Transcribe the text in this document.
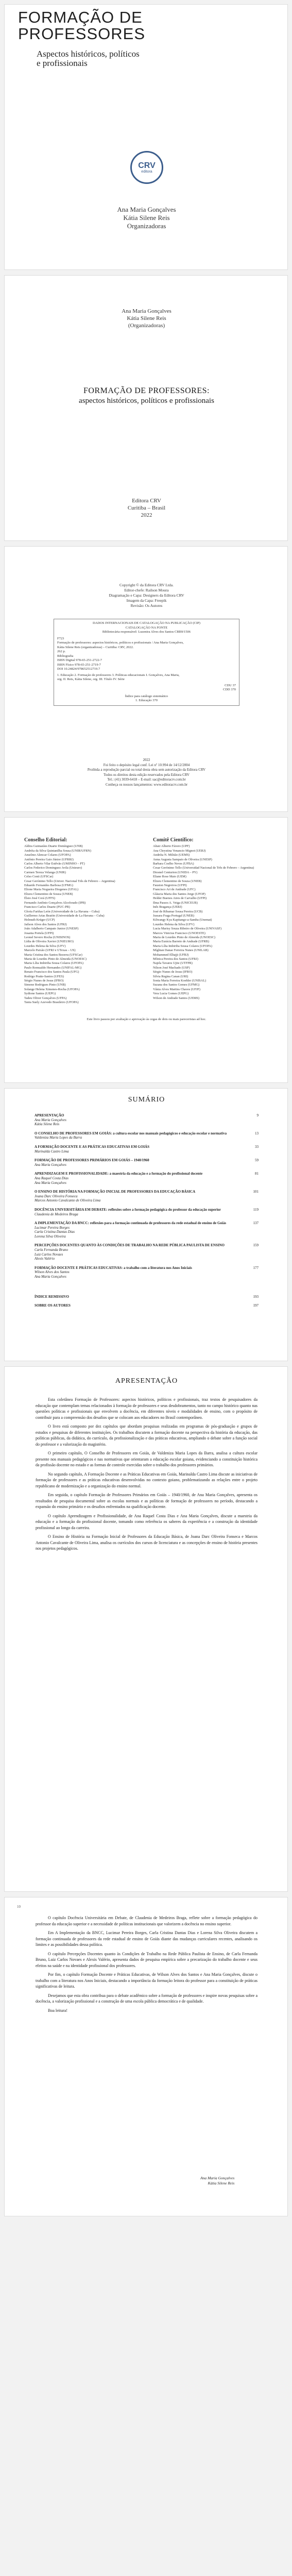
FORMAÇÃO DE
PROFESSORES
Aspectos históricos, políticos
e profissionais
Ana Maria Gonçalves
Kátia Silene Reis
Organizadoras
CRV
editora
Ana Maria Gonçalves
Kátia Silene Reis
(Organizadoras)
FORMAÇÃO DE PROFESSORES:
aspectos históricos, políticos e profissionais
Editora CRV
Curitiba – Brasil
2022
Copyright © da Editora CRV Ltda.
Editor-chefe: Railson Moura
Diagramação e Capa: Designers da Editora CRV
Imagem da Capa: Freepik
Revisão: Os Autores
DADOS INTERNACIONAIS DE CATALOGAÇÃO NA PUBLICAÇÃO (CIP)
CATALOGAÇÃO NA FONTE
Bibliotecária responsável: Luzenira Alves dos Santos CRB9/1506
F723
Formação de professores: aspectos históricos, políticos e profissionais / Ana Maria Gonçalves,
Kátia Silene Reis (organizadoras) – Curitiba: CRV, 2022.
262 p.
Bibliografia
ISBN Digital 978-65-251-2722-7
ISBN Físico 978-65-251-2719-7
DOI 10.24824/978652512719.7
1. Educação 2. Formação de professores 3. Políticas educacionais I. Gonçalves, Ana Maria,
org. II. Reis, Kátia Silene, org. III. Título IV. Série
CDU 37
CDD 370
Índice para catálogo sistemático
1. Educação 370
2022
Foi feito o depósito legal conf. Lei nº 10.994 de 14/12/2004
Proibida a reprodução parcial ou total desta obra sem autorização da Editora CRV
Todos os direitos desta edição reservados pela Editora CRV
Tel.: (41) 3039-6418 – E-mail: sac@editoracrv.com.br
Conheça os nossos lançamentos: www.editoracrv.com.br
Conselho Editorial:
Aldira Guimarães Duarte Domínguez (UNB)
Andréia da Silva Quintanilha Sousa (UNIR/UFRN)
Anselmo Alencar Colares (UFOPA)
Antônio Pereira Gaio Júnior (UFRRJ)
Carlos Alberto Vilar Estêvão (UMINHO – PT)
Carlos Federico Dominguez Avila (Unieuro)
Carmen Tereza Velanga (UNIR)
Celso Conti (UFSCar)
Cesar Gerónimo Tello (Univer. Nacional Três de Febrero – Argentina)
Eduardo Fernandes Barbosa (UFMG)
Elione Maria Nogueira Diogenes (UFAL)
Elizeu Clementino de Souza (UNEB)
Élsio José Corá (UFFS)
Fernando Antônio Gonçalves Alcoforado (IPB)
Francisco Carlos Duarte (PUC-PR)
Gloria Fariñas León (Universidade de La Havana – Cuba)
Guillermo Arias Beatón (Universidade de La Havana – Cuba)
Helmuth Krüger (UCP)
Jailson Alves dos Santos (UFRJ)
João Adalberto Campato Junior (UNESP)
Josania Portela (UFPI)
Leonel Severo Rocha (UNISINOS)
Lídia de Oliveira Xavier (UNIEURO)
Lourdes Helena da Silva (UFV)
Marcelo Paixão (UFRJ e UTexas – US)
Maria Cristina dos Santos Bezerra (UFSCar)
Maria de Lourdes Pinto de Almeida (UNOESC)
Maria Lília Imbiriba Sousa Colares (UFOPA)
Paulo Romualdo Hernandes (UNIFAL-MG)
Renato Francisco dos Santos Paula (UFG)
Rodrigo Pratte-Santos (UFES)
Sérgio Nunes de Jesus (IFRO)
Simone Rodrigues Pinto (UNB)
Solange Helena Ximenes-Rocha (UFOPA)
Sydione Santos (UEPG)
Tadeu Oliver Gonçalves (UFPA)
Tania Suely Azevedo Brasileiro (UFOPA)
Comitê Científico:
Altair Alberto Fávero (UPF)
Ana Chrystina Venancio Mignot (UERJ)
Andréia N. Militão (UEMS)
Anna Augusta Sampaio de Oliveira (UNESP)
Barbara Coelho Neves (UFBA)
Cesar Gerónimo Tello (Universidad Nacional de Três de Febrero – Argentina)
Diosnel Centurion (UNIDA – PY)
Eliane Rose Maio (UEM)
Elizeu Clementino de Souza (UNEB)
Fauston Negreiros (UFPI)
Francisco Ari de Andrade (UFC)
Gláucia Maria dos Santos Jorge (UFOP)
Helder Buenos Aires de Carvalho (UFPI)
Ilma Passos A. Veiga (UNICEUB)
Inês Bragança (UERJ)
José de Ribamar Sousa Pereira (UCB)
Jussara Fraga Portugal (UNEB)
Kilwangy Kya Kapitango-a-Samba (Unemat)
Lourdes Helena da Silva (UFV)
Lucia Marisy Souza Ribeiro de Oliveira (UNIVASF)
Marcos Vinicius Francisco (UNOESTE)
Maria de Lourdes Pinto de Almeida (UNOESC)
Maria Eurácia Barreto de Andrade (UFRB)
Maria Lília Imbiriba Sousa Colares (UFOPA)
Míghian Danae Ferreira Nunes (UNILAB)
Mohammed Elhajji (UFRJ)
Mônica Pereira dos Santos (UFRJ)
Najela Tavares Ujiie (UTFPR)
Nilson José Machado (USP)
Sérgio Nunes de Jesus (IFRO)
Silvia Regina Canan (URI)
Sonia Maria Ferreira Koehler (UNISAL)
Suzana dos Santos Gomes (UFMG)
Vânia Alves Martins Chaves (UFJF)
Vera Lucia Gomes (UEPG)
Wilson de Andrade Santos (UEMS)
Este livro passou por avaliação e aprovação às cegas de dois ou mais pareceristas ad hoc.
SUMÁRIO
APRESENTAÇÃO	9
Ana Maria Gonçalves
Kátia Silene Reis
O CONSELHO DE PROFESSORES EM GOIÁS: a cultura escolar nos manuais pedagógicos e educação escolar e normativa	13
Valdeniza Maria Lopes da Barra
A FORMAÇÃO DOCENTE E AS PRÁTICAS EDUCATIVAS EM GOIÁS	33
Marinalda Castro Lima
FORMAÇÃO DE PROFESSORES PRIMÁRIOS EM GOIÁS – 1940/1960	59
Ana Maria Gonçalves
APRENDIZAGEM E PROFISSIONALIDADE: a maestria da educação e a formação do profissional docente	81
Ana Raquel Costa Dias
Ana Maria Gonçalves
O ENSINO DE HISTÓRIA NA FORMAÇÃO INICIAL DE PROFESSORES DA EDUCAÇÃO BÁSICA	101
Joana Darc Oliveira Fonseca
Marcos Antonio Cavalcante de Oliveira Lima
DOCÊNCIA UNIVERSITÁRIA EM DEBATE: reflexões sobre a formação pedagógica do professor da educação superior	119
Claudenia de Medeiros Braga
A IMPLEMENTAÇÃO DA BNCC: reflexões para a formação continuada de professores da rede estadual de ensino de Goiás	137
Lucimar Pereira Borges
Carla Cristina Dantas Dias
Lorena Silva Oliveira
PERCEPÇÕES DOCENTES QUANTO ÀS CONDIÇÕES DE TRABALHO NA REDE PÚBLICA PAULISTA DE ENSINO	159
Carla Fernanda Bruno
Luiz Carlos Novaes
Alexis Valério
FORMAÇÃO DOCENTE E PRÁTICAS EDUCATIVAS: a trabalho com a literatura nos Anos Iniciais	177
Wilson Alves dos Santos
Ana Maria Gonçalves
ÍNDICE REMISSIVO	193
SOBRE OS AUTORES	197
APRESENTAÇÃO

Esta coletânea Formação de Professores: aspectos históricos, políticos e profissionais, traz textos de pesquisadores da educação que contemplam temas relacionados à formação de professores e seus desdobramentos, tanto no campo histórico quanto nas questões políticas e profissionais que envolvem a docência, em diferentes níveis e modalidades de ensino, com o propósito de contribuir para a compreensão dos desafios que se colocam aos educadores no Brasil contemporâneo.

O livro está composto por dez capítulos que abordam pesquisas realizadas em programas de pós-graduação e grupos de estudos e pesquisas de diferentes instituições. Os trabalhos discutem a formação docente na perspectiva da história da educação, das políticas públicas, da didática, do currículo, da profissionalização e das práticas educativas, ampliando o debate sobre a função social do professor e a valorização do magistério.

O primeiro capítulo, O Conselho de Professores em Goiás, de Valdeniza Maria Lopes da Barra, analisa a cultura escolar presente nos manuais pedagógicos e nas normativas que orientaram a educação escolar goiana, evidenciando a constituição histórica da profissão docente no estado e as formas de controle exercidas sobre o trabalho dos professores primários.

No segundo capítulo, A Formação Docente e as Práticas Educativas em Goiás, Marinalda Castro Lima discute as iniciativas de formação de professores e as práticas educativas desenvolvidas no contexto goiano, problematizando as relações entre o projeto republicano de modernização e a organização do ensino normal.

Em seguida, o capítulo Formação de Professores Primários em Goiás – 1940/1960, de Ana Maria Gonçalves, apresenta os resultados de pesquisa documental sobre as escolas normais e as políticas de formação de professores no período, destacando a expansão do ensino primário e os desafios enfrentados na qualificação docente.

O capítulo Aprendizagem e Profissionalidade, de Ana Raquel Costa Dias e Ana Maria Gonçalves, discute a maestria da educação e a formação do profissional docente, tomando como referência os saberes da experiência e a construção da identidade profissional ao longo da carreira.

O Ensino de História na Formação Inicial de Professores da Educação Básica, de Joana Darc Oliveira Fonseca e Marcos Antonio Cavalcante de Oliveira Lima, analisa os currículos dos cursos de licenciatura e as concepções de ensino de história presentes nos projetos pedagógicos.

10

O capítulo Docência Universitária em Debate, de Claudenia de Medeiros Braga, reflete sobre a formação pedagógica do professor da educação superior e a necessidade de políticas institucionais que valorizem a docência no ensino superior.

Em A Implementação da BNCC, Lucimar Pereira Borges, Carla Cristina Dantas Dias e Lorena Silva Oliveira discutem a formação continuada de professores da rede estadual de ensino de Goiás diante das mudanças curriculares recentes, analisando os limites e as possibilidades dessa política.

O capítulo Percepções Docentes quanto às Condições de Trabalho na Rede Pública Paulista de Ensino, de Carla Fernanda Bruno, Luiz Carlos Novaes e Alexis Valério, apresenta dados de pesquisa empírica sobre a precarização do trabalho docente e seus efeitos na saúde e na identidade profissional dos professores.

Por fim, o capítulo Formação Docente e Práticas Educativas, de Wilson Alves dos Santos e Ana Maria Gonçalves, discute o trabalho com a literatura nos Anos Iniciais, destacando a importância da formação leitora do professor para a constituição de práticas significativas de leitura.

Desejamos que esta obra contribua para o debate acadêmico sobre a formação de professores e inspire novas pesquisas sobre a docência, a valorização profissional e a construção de uma escola pública democrática e de qualidade.

Boa leitura!

Ana Maria Gonçalves
Kátia Silene Reis
